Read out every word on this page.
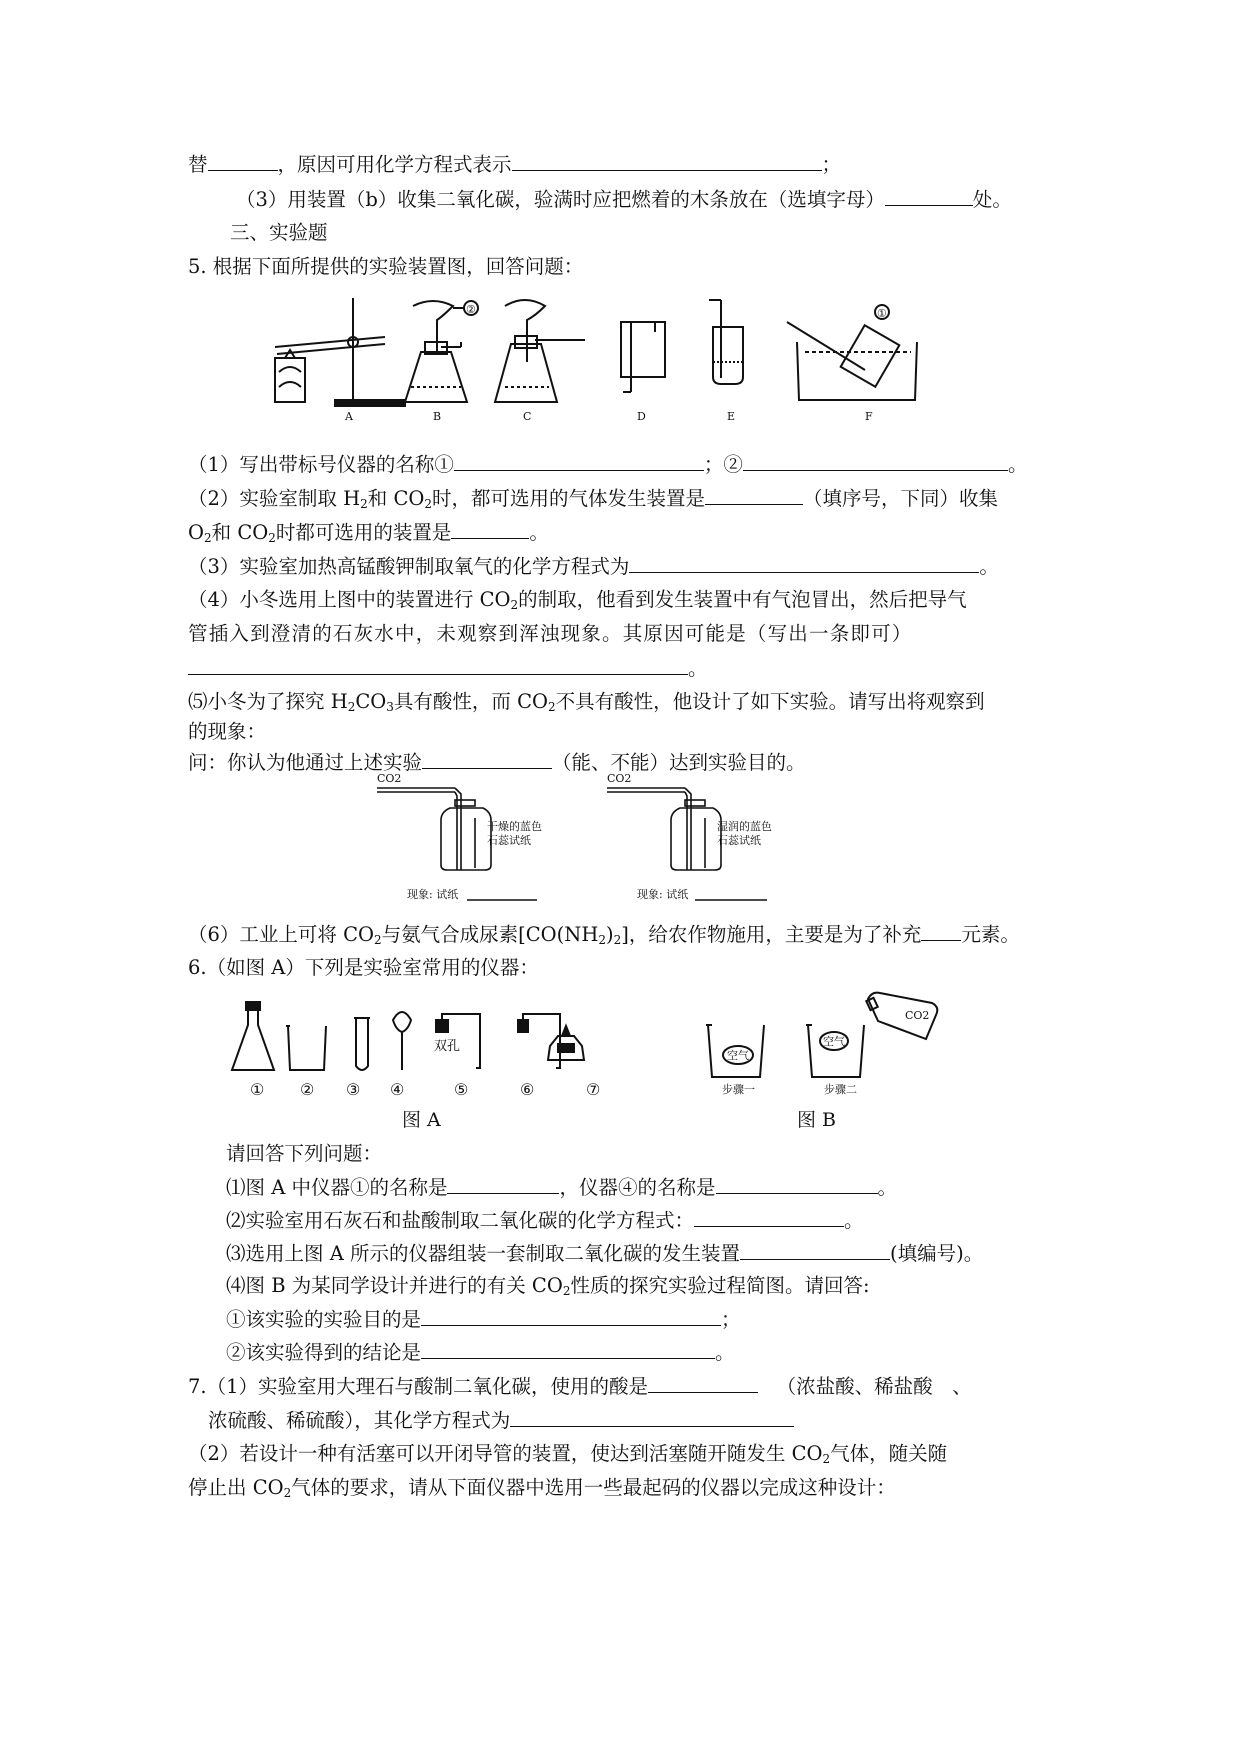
替	，原因可用化学方程式表示	；
（3）用装置（b）收集二氧化碳，验满时应把燃着的木条放在（选填字母）	处。
三、实验题
5. 根据下面所提供的实验装置图，回答问题：
A
②
B	C	D	E
①
F
（1）写出带标号仪器的名称①	；②	。
（2）实验室制取 $H_2$和 $CO_2$时，都可选用的气体发生装置是	（填序号，下同）收集
$O_2$和 $CO_2$时都可选用的装置是	。
（3）实验室加热高锰酸钾制取氧气的化学方程式为	。
（4）小冬选用上图中的装置进行 $CO_2$的制取，他看到发生装置中有气泡冒出，然后把导气
管插入到澄清的石灰水中，未观察到浑浊现象。其原因可能是（写出一条即可）
。
⑸小冬为了探究 $H_2CO_3$具有酸性，而 $CO_2$不具有酸性，他设计了如下实验。请写出将观察到
的现象：
问：你认为他通过上述实验	（能、不能）达到实验目的。
CO2
干燥的蓝色
石蕊试纸
现象: 试纸
CO2
湿润的蓝色
石蕊试纸
现象: 试纸
（6）工业上可将 $CO_2$与氨气合成尿素$[CO(NH_2)_2]$，给农作物施用，主要是为了补充 元素。
6.（如图 A）下列是实验室常用的仪器：
双孔
① ② ③ ④	⑤	⑥	⑦
空气
步骤一
空气
CO2
步骤二
图 A	图 B
请回答下列问题：
⑴图 A 中仪器①的名称是	，仪器④的名称是	。
⑵实验室用石灰石和盐酸制取二氧化碳的化学方程式：	。
⑶选用上图 A 所示的仪器组装一套制取二氧化碳的发生装置	(填编号)。
⑷图 B 为某同学设计并进行的有关 $CO_2$性质的探究实验过程简图。请回答:
①该实验的实验目的是	；
②该实验得到的结论是	。
7.（1）实验室用大理石与酸制二氧化碳，使用的酸是	（浓盐酸、稀盐酸　、
浓硫酸、稀硫酸），其化学方程式为
（2）若设计一种有活塞可以开闭导管的装置，使达到活塞随开随发生 $CO_2$气体，随关随
停止出 $CO_2$气体的要求，请从下面仪器中选用一些最起码的仪器以完成这种设计：
